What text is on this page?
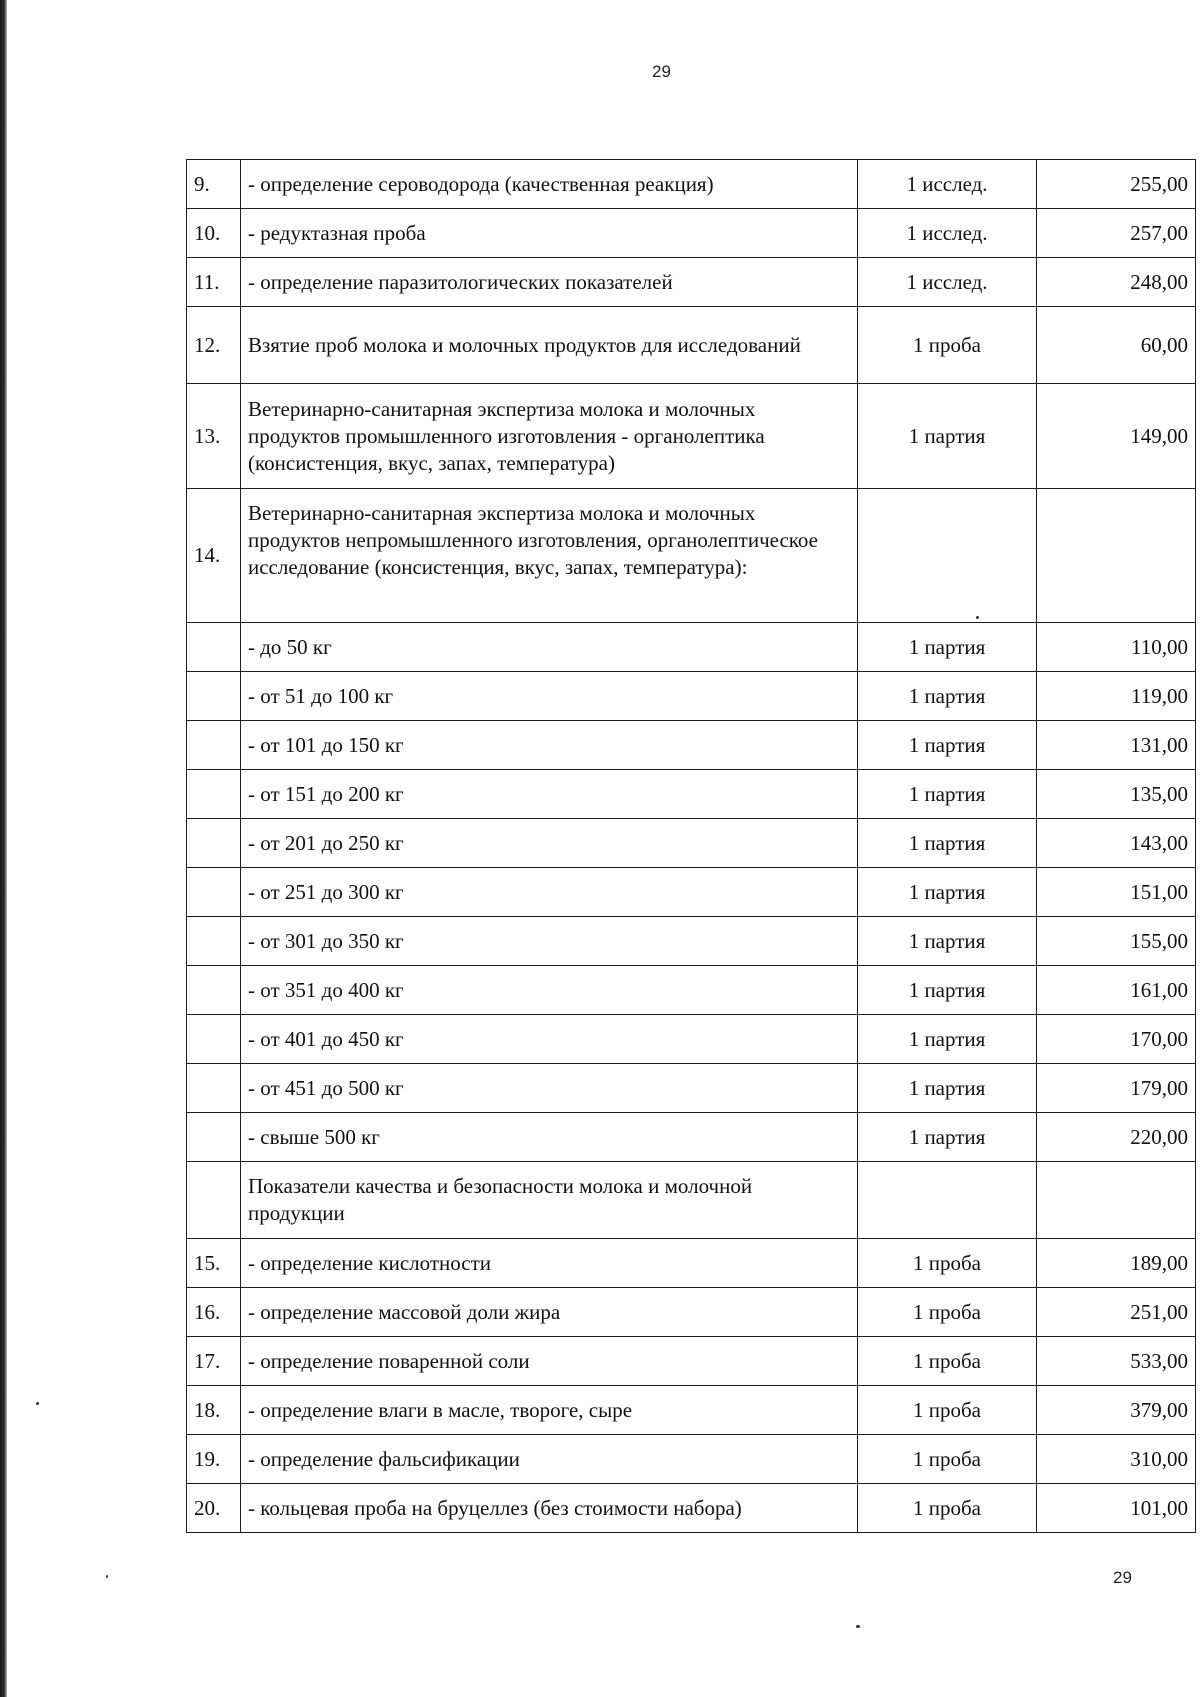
29
9.	- определение сероводорода (качественная реакция)	1 исслед.	255,00
10.	- редуктазная проба	1 исслед.	257,00
11.	- определение паразитологических показателей	1 исслед.	248,00
12.	Взятие проб молока и молочных продуктов для исследований	1 проба	60,00
13.	Ветеринарно-санитарная экспертиза молока и молочных продуктов промышленного изготовления - органолептика (консистенция, вкус, запах, температура)	1 партия	149,00
14.	Ветеринарно-санитарная экспертиза молока и молочных продуктов непромышленного изготовления, органолептическое исследование (консистенция, вкус, запах, температура):		
	- до 50 кг	1 партия	110,00
	- от 51 до 100 кг	1 партия	119,00
	- от 101 до 150 кг	1 партия	131,00
	- от 151 до 200 кг	1 партия	135,00
	- от 201 до 250 кг	1 партия	143,00
	- от 251 до 300 кг	1 партия	151,00
	- от 301 до 350 кг	1 партия	155,00
	- от 351 до 400 кг	1 партия	161,00
	- от 401 до 450 кг	1 партия	170,00
	- от 451 до 500 кг	1 партия	179,00
	- свыше 500 кг	1 партия	220,00
	Показатели качества и безопасности молока и молочной продукции		
15.	- определение кислотности	1 проба	189,00
16.	- определение массовой доли жира	1 проба	251,00
17.	- определение поваренной соли	1 проба	533,00
18.	- определение влаги в масле, твороге, сыре	1 проба	379,00
19.	- определение фальсификации	1 проба	310,00
20.	- кольцевая проба на бруцеллез (без стоимости набора)	1 проба	101,00
29
